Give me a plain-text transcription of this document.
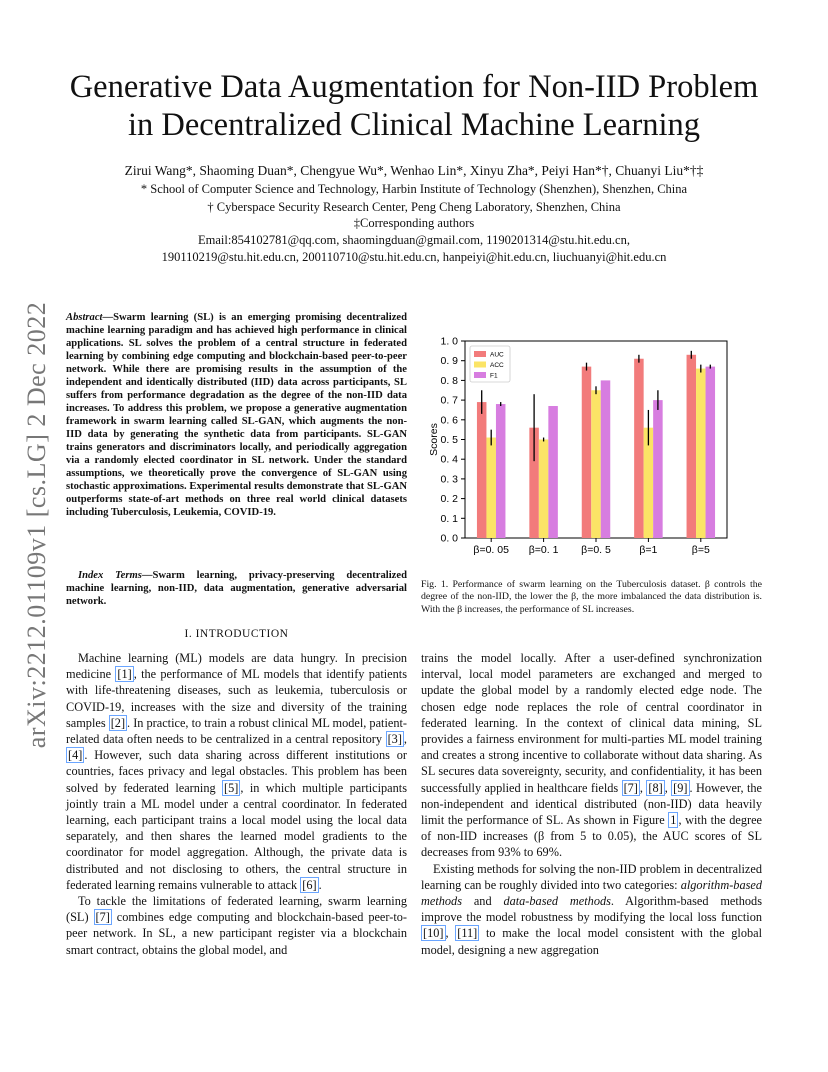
arXiv:2212.01109v1 [cs.LG] 2 Dec 2022
Generative Data Augmentation for Non-IID Problem
in Decentralized Clinical Machine Learning
Zirui Wang*, Shaoming Duan*, Chengyue Wu*, Wenhao Lin*, Xinyu Zha*, Peiyi Han*†, Chuanyi Liu*†‡
* School of Computer Science and Technology, Harbin Institute of Technology (Shenzhen), Shenzhen, China
† Cyberspace Security Research Center, Peng Cheng Laboratory, Shenzhen, China
‡Corresponding authors
Email:854102781@qq.com, shaomingduan@gmail.com, 1190201314@stu.hit.edu.cn,
190110219@stu.hit.edu.cn, 200110710@stu.hit.edu.cn, hanpeiyi@hit.edu.cn, liuchuanyi@hit.edu.cn
Abstract—Swarm learning (SL) is an emerging promising decentralized machine learning paradigm and has achieved high performance in clinical applications. SL solves the problem of a central structure in federated learning by combining edge computing and blockchain-based peer-to-peer network. While there are promising results in the assumption of the independent and identically distributed (IID) data across participants, SL suffers from performance degradation as the degree of the non-IID data increases. To address this problem, we propose a generative augmentation framework in swarm learning called SL-GAN, which augments the non-IID data by generating the synthetic data from participants. SL-GAN trains generators and discriminators locally, and periodically aggregation via a randomly elected coordinator in SL network. Under the standard assumptions, we theoretically prove the convergence of SL-GAN using stochastic approximations. Experimental results demonstrate that SL-GAN outperforms state-of-art methods on three real world clinical datasets including Tuberculosis, Leukemia, COVID-19.
Index Terms—Swarm learning, privacy-preserving decentralized machine learning, non-IID, data augmentation, generative adversarial network.
I. INTRODUCTION

Machine learning (ML) models are data hungry. In precision medicine [1] , the performance of ML models that identify patients with life-threatening diseases, such as leukemia, tuberculosis or COVID-19, increases with the size and diversity of the training samples [2] . In practice, to train a robust clinical ML model, patient-related data often needs to be centralized in a central repository [3] , [4] . However, such data sharing across different institutions or countries, faces privacy and legal obstacles. This problem has been solved by federated learning [5] , in which multiple participants jointly train a ML model under a central coordinator. In federated learning, each participant trains a local model using the local data separately, and then shares the learned model gradients to the coordinator for model aggregation. Although, the private data is distributed and not disclosing to others, the central structure in federated learning remains vulnerable to attack [6] .

To tackle the limitations of federated learning, swarm learning (SL) [7] combines edge computing and blockchain-based peer-to-peer network. In SL, a new participant register via a blockchain smart contract, obtains the global model, and

trains the model locally. After a user-defined synchronization interval, local model parameters are exchanged and merged to update the global model by a randomly elected edge node. The chosen edge node replaces the role of central coordinator in federated learning. In the context of clinical data mining, SL provides a fairness environment for multi-parties ML model training and creates a strong incentive to collaborate without data sharing. As SL secures data sovereignty, security, and confidentiality, it has been successfully applied in healthcare fields [7] , [8] , [9] . However, the non-independent and identical distributed (non-IID) data heavily limit the performance of SL. As shown in Figure 1 , with the degree of non-IID increases (β from 5 to 0.05), the AUC scores of SL decreases from 93% to 69%.

Existing methods for solving the non-IID problem in decentralized learning can be roughly divided into two categories: algorithm-based methods and data-based methods. Algorithm-based methods improve the model robustness by modifying the local loss function [10] , [11] to make the local model consistent with the global model, designing a new aggregation

0. 0
0. 1
0. 2
0. 3
0. 4
0. 5
0. 6
0. 7
0. 8
0. 9
1. 0
Scores
β=0. 05 β=0. 1 β=0. 5	β=1	β=5
AUC
ACC
F1
Fig. 1. Performance of swarm learning on the Tuberculosis dataset. β controls the degree of the non-IID, the lower the β, the more imbalanced the data distribution is. With the β increases, the performance of SL increases.
